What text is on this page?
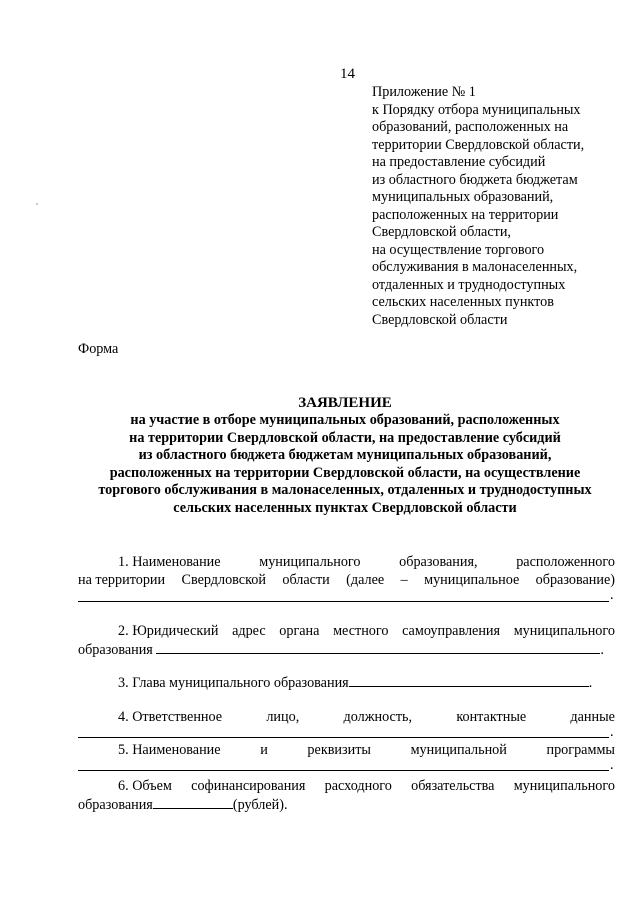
14
Приложение № 1
к Порядку отбора муниципальных
образований, расположенных на
территории Свердловской области,
на предоставление субсидий
из областного бюджета бюджетам
муниципальных образований,
расположенных на территории
Свердловской области,
на осуществление торгового
обслуживания в малонаселенных,
отдаленных и труднодоступных
сельских населенных пунктов
Свердловской области
Форма
ЗАЯВЛЕНИЕ
на участие в отборе муниципальных образований, расположенных
на территории Свердловской области, на предоставление субсидий
из областного бюджета бюджетам муниципальных образований,
расположенных на территории Свердловской области, на осуществление
торгового обслуживания в малонаселенных, отдаленных и труднодоступных
сельских населенных пунктах Свердловской области
1. Наименование	муниципального	образования,	расположенного
на территории Свердловской области (далее – муниципальное образование)
.
2. Юридический адрес органа местного самоуправления муниципального
образования	.
3. Глава муниципального образования	.
4. Ответственное	лицо,	должность,	контактные	данные
.
5. Наименование	и	реквизиты	муниципальной	программы
.
6. Объем софинансирования расходного обязательства муниципального
образования	(рублей).
